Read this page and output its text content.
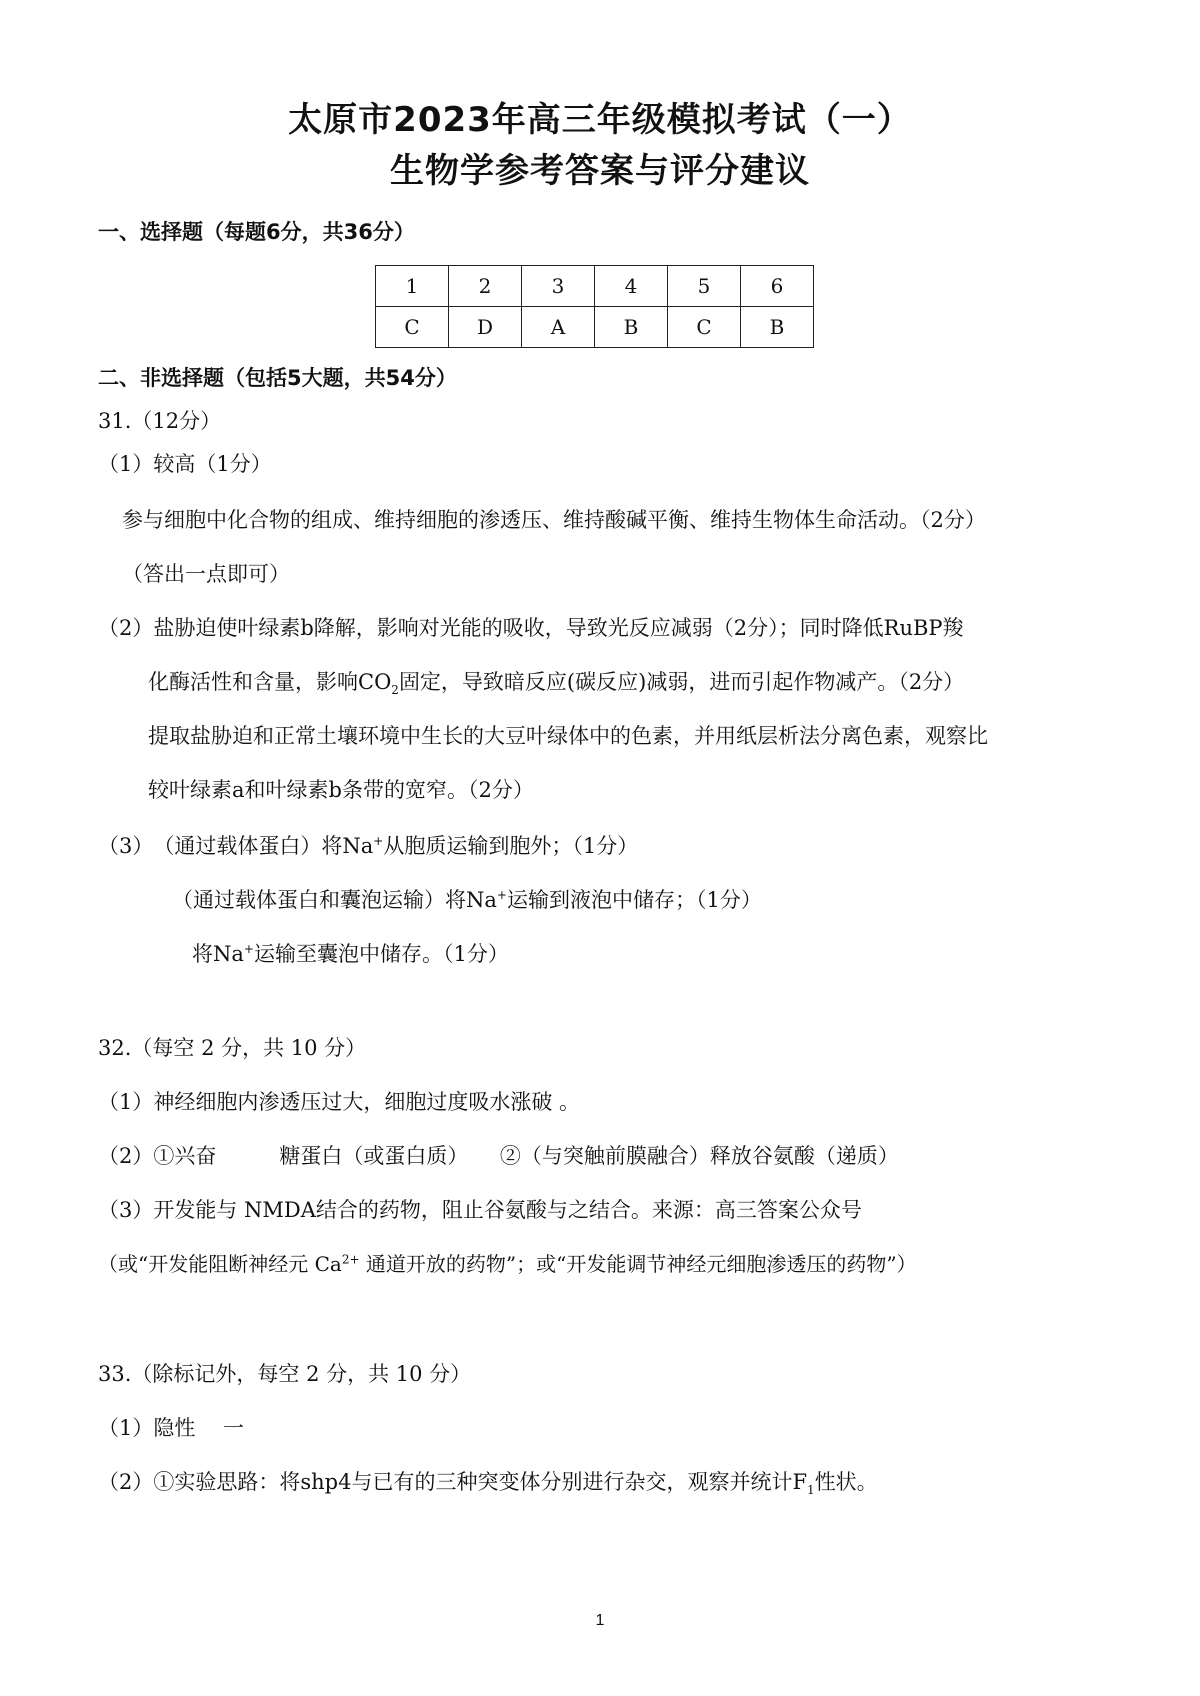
太原市2023年高三年级模拟考试（一）
生物学参考答案与评分建议
一、选择题（每题6分，共36分）
1	2	3	4	5	6
C	D	A	B	C	B
二、非选择题（包括5大题，共54分）
31.（12分）
（1）较高（1分）
参与细胞中化合物的组成、维持细胞的渗透压、维持酸碱平衡、维持生物体生命活动。（2分）
（答出一点即可）
（2）盐胁迫使叶绿素b降解，影响对光能的吸收，导致光反应减弱（2分）；同时降低RuBP羧
化酶活性和含量，影响$CO_2$固定，导致暗反应(碳反应)减弱，进而引起作物减产。（2分）
提取盐胁迫和正常土壤环境中生长的大豆叶绿体中的色素，并用纸层析法分离色素，观察比
较叶绿素a和叶绿素b条带的宽窄。（2分）
（3）　（通过载体蛋白）将Na+从胞质运输到胞外；（1分）
（通过载体蛋白和囊泡运输）将Na+运输到液泡中储存；（1分）
将Na+运输至囊泡中储存。（1分）
32.（每空 2 分，共 10 分）
（1）神经细胞内渗透压过大，细胞过度吸水涨破 。
（2）①兴奋　　　糖蛋白（或蛋白质）　　②（与突触前膜融合）释放谷氨酸（递质）
（3）开发能与 NMDA结合的药物，阻止谷氨酸与之结合。来源：高三答案公众号
（或“开发能阻断神经元 $Ca^{2+}$ 通道开放的药物”；或“开发能调节神经元细胞渗透压的药物”）
33.（除标记外，每空 2 分，共 10 分）
（1）隐性　 一
（2）①实验思路：将shp4与已有的三种突变体分别进行杂交，观察并统计$F_1$性状。
1
